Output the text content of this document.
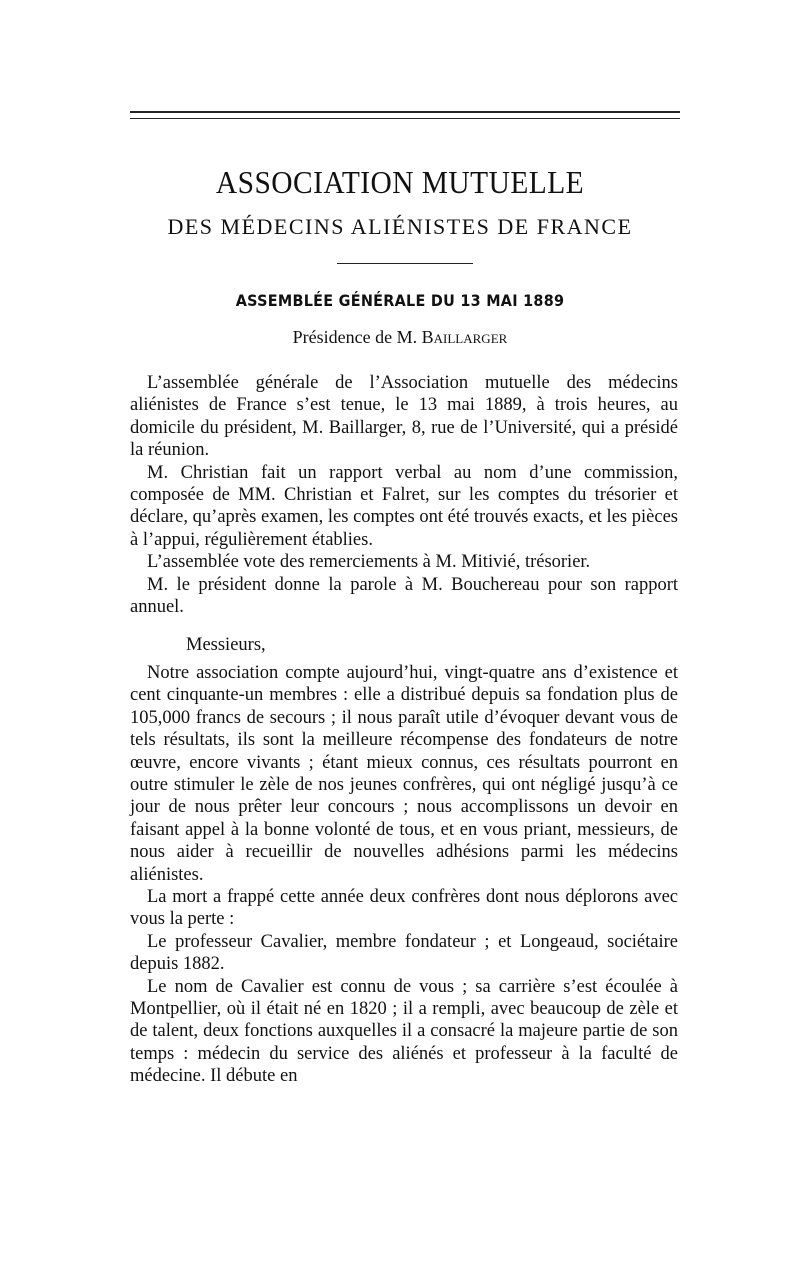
ASSOCIATION MUTUELLE
DES MÉDECINS ALIÉNISTES DE FRANCE
ASSEMBLÉE GÉNÉRALE DU 13 MAI 1889
Présidence de M. Baillarger

L’assemblée générale de l’Association mutuelle des médecins aliénistes de France s’est tenue, le 13 mai 1889, à trois heures, au domicile du président, M. Baillarger, 8, rue de l’Université, qui a présidé la réunion.

M. Christian fait un rapport verbal au nom d’une commission, composée de MM. Christian et Falret, sur les comptes du trésorier et déclare, qu’après examen, les comptes ont été trouvés exacts, et les pièces à l’appui, régulièrement établies.

L’assemblée vote des remerciements à M. Mitivié, trésorier.

M. le président donne la parole à M. Bouchereau pour son rapport annuel.

Messieurs,

Notre association compte aujourd’hui, vingt-quatre ans d’existence et cent cinquante-un membres : elle a distribué depuis sa fondation plus de 105,000 francs de secours ; il nous paraît utile d’évoquer devant vous de tels résultats, ils sont la meilleure récompense des fondateurs de notre œuvre, encore vivants ; étant mieux connus, ces résultats pourront en outre stimuler le zèle de nos jeunes confrères, qui ont négligé jusqu’à ce jour de nous prêter leur concours ; nous accomplissons un devoir en faisant appel à la bonne volonté de tous, et en vous priant, messieurs, de nous aider à recueillir de nouvelles adhésions parmi les médecins aliénistes.

La mort a frappé cette année deux confrères dont nous déplorons avec vous la perte :

Le professeur Cavalier, membre fondateur ; et Longeaud, sociétaire depuis 1882.

Le nom de Cavalier est connu de vous ; sa carrière s’est écoulée à Montpellier, où il était né en 1820 ; il a rempli, avec beaucoup de zèle et de talent, deux fonctions auxquelles il a consacré la majeure partie de son temps : médecin du service des aliénés et professeur à la faculté de médecine. Il débute en
